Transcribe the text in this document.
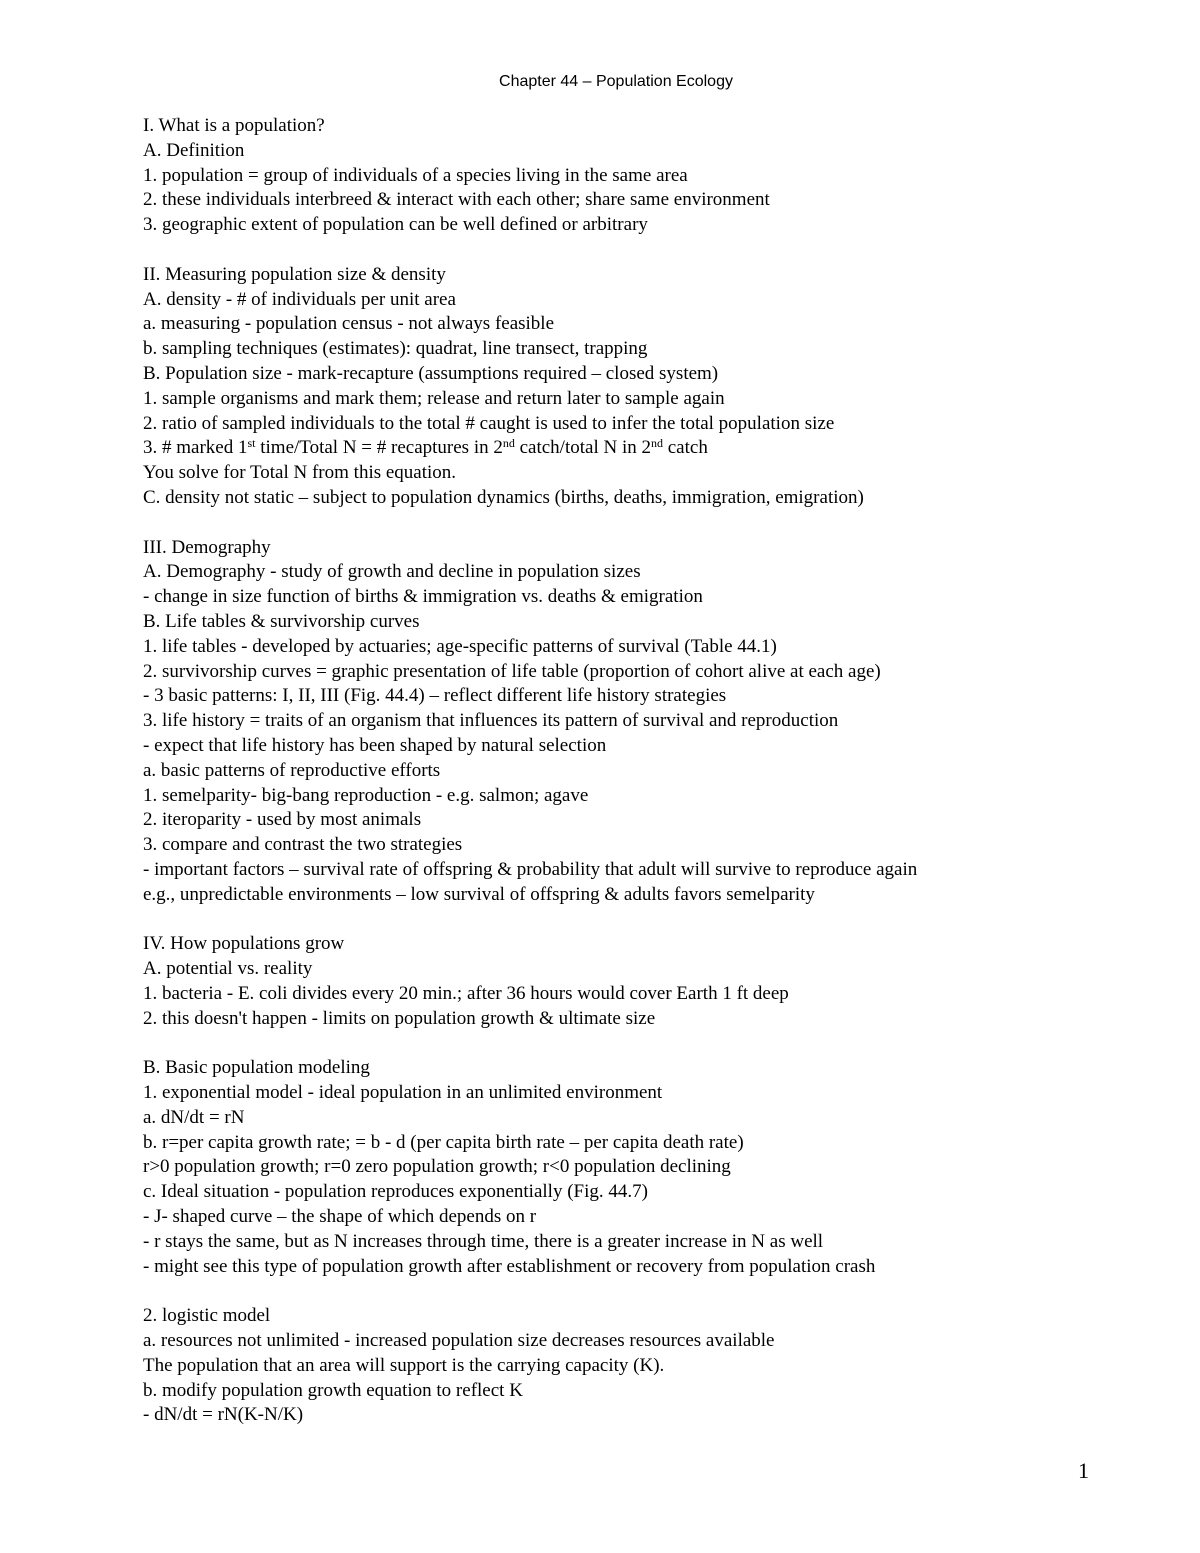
Chapter 44 – Population Ecology
I. What is a population?
A. Definition
1. population = group of individuals of a species living in the same area
2. these individuals interbreed & interact with each other; share same environment
3. geographic extent of population can be well defined or arbitrary
II. Measuring population size & density
A. density - # of individuals per unit area
a. measuring - population census - not always feasible
b. sampling techniques (estimates): quadrat, line transect, trapping
B. Population size - mark-recapture (assumptions required – closed system)
1. sample organisms and mark them; release and return later to sample again
2. ratio of sampled individuals to the total # caught is used to infer the total population size
3. # marked 1st time/Total N = # recaptures in 2nd catch/total N in 2nd catch
You solve for Total N from this equation.
C. density not static – subject to population dynamics (births, deaths, immigration, emigration)
III. Demography
A. Demography - study of growth and decline in population sizes
- change in size function of births & immigration vs. deaths & emigration
B. Life tables & survivorship curves
1. life tables - developed by actuaries; age-specific patterns of survival (Table 44.1)
2. survivorship curves = graphic presentation of life table (proportion of cohort alive at each age)
- 3 basic patterns: I, II, III (Fig. 44.4) – reflect different life history strategies
3. life history = traits of an organism that influences its pattern of survival and reproduction
- expect that life history has been shaped by natural selection
a. basic patterns of reproductive efforts
1. semelparity- big-bang reproduction - e.g. salmon; agave
2. iteroparity - used by most animals
3. compare and contrast the two strategies
- important factors – survival rate of offspring & probability that adult will survive to reproduce again
e.g., unpredictable environments – low survival of offspring & adults favors semelparity
IV. How populations grow
A. potential vs. reality
1. bacteria - E. coli divides every 20 min.; after 36 hours would cover Earth 1 ft deep
2. this doesn't happen - limits on population growth & ultimate size
B. Basic population modeling
1. exponential model - ideal population in an unlimited environment
a. dN/dt = rN
b. r=per capita growth rate; = b - d (per capita birth rate – per capita death rate)
r>0 population growth; r=0 zero population growth; r<0 population declining
c. Ideal situation - population reproduces exponentially (Fig. 44.7)
- J- shaped curve – the shape of which depends on r
- r stays the same, but as N increases through time, there is a greater increase in N as well
- might see this type of population growth after establishment or recovery from population crash
2. logistic model
a. resources not unlimited - increased population size decreases resources available
The population that an area will support is the carrying capacity (K).
b. modify population growth equation to reflect K
- dN/dt = rN(K-N/K)
1
